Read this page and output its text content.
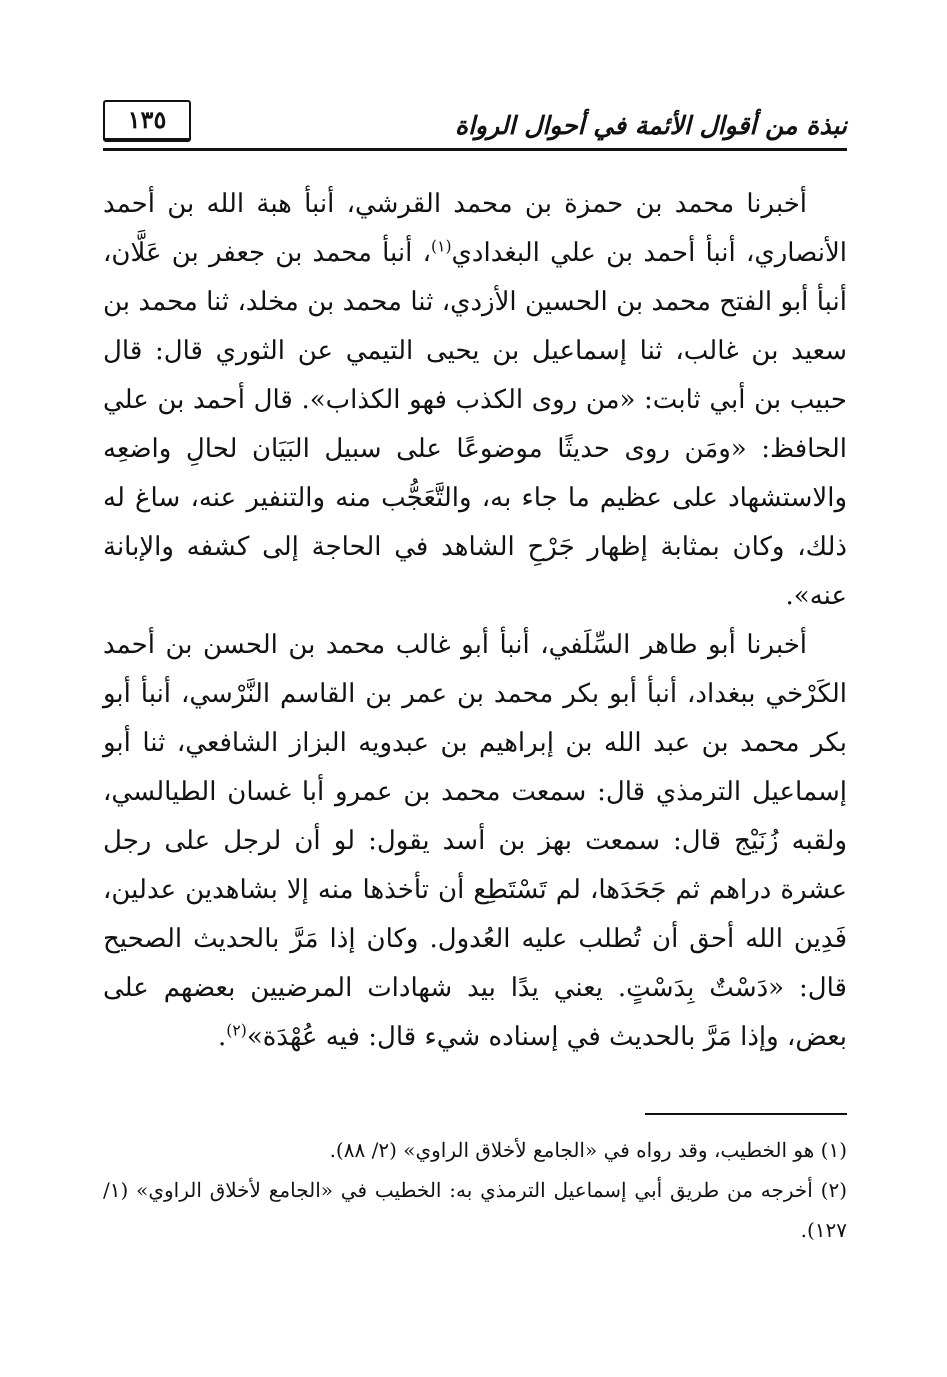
نبذة من أقوال الأئمة في أحوال الرواة
١٣٥

أخبرنا محمد بن حمزة بن محمد القرشي، أنبأ هبة الله بن أحمد الأنصاري، أنبأ أحمد بن علي البغدادي$^{(١)}$، أنبأ محمد بن جعفر بن عَلَّان، أنبأ أبو الفتح محمد بن الحسين الأزدي، ثنا محمد بن مخلد، ثنا محمد بن سعيد بن غالب، ثنا إسماعيل بن يحيى التيمي عن الثوري قال: قال حبيب بن أبي ثابت: «من روى الكذب فهو الكذاب». قال أحمد بن علي الحافظ: «ومَن روى حديثًا موضوعًا على سبيل البَيَان لحالِ واضعِه والاستشهاد على عظيم ما جاء به، والتَّعَجُّب منه والتنفير عنه، ساغ له ذلك، وكان بمثابة إظهار جَرْحِ الشاهد في الحاجة إلى كشفه والإبانة عنه».

أخبرنا أبو طاهر السِّلَفي، أنبأ أبو غالب محمد بن الحسن بن أحمد الكَرْخي ببغداد، أنبأ أبو بكر محمد بن عمر بن القاسم النَّرْسي، أنبأ أبو بكر محمد بن عبد الله بن إبراهيم بن عبدويه البزاز الشافعي، ثنا أبو إسماعيل الترمذي قال: سمعت محمد بن عمرو أبا غسان الطيالسي، ولقبه زُنَيْج قال: سمعت بهز بن أسد يقول: لو أن لرجل على رجل عشرة دراهم ثم جَحَدَها، لم تَسْتَطِع أن تأخذها منه إلا بشاهدين عدلين، فَدِين الله أحق أن تُطلب عليه العُدول. وكان إذا مَرَّ بالحديث الصحيح قال: «دَسْتٌ بِدَسْتٍ. يعني يدًا بيد شهادات المرضيين بعضهم على بعض، وإذا مَرَّ بالحديث في إسناده شيء قال: فيه عُهْدَة»$^{(٢)}$.

(١) هو الخطيب، وقد رواه في «الجامع لأخلاق الراوي» (٢/ ٨٨).

(٢) أخرجه من طريق أبي إسماعيل الترمذي به: الخطيب في «الجامع لأخلاق الراوي» (١/ ١٢٧).
